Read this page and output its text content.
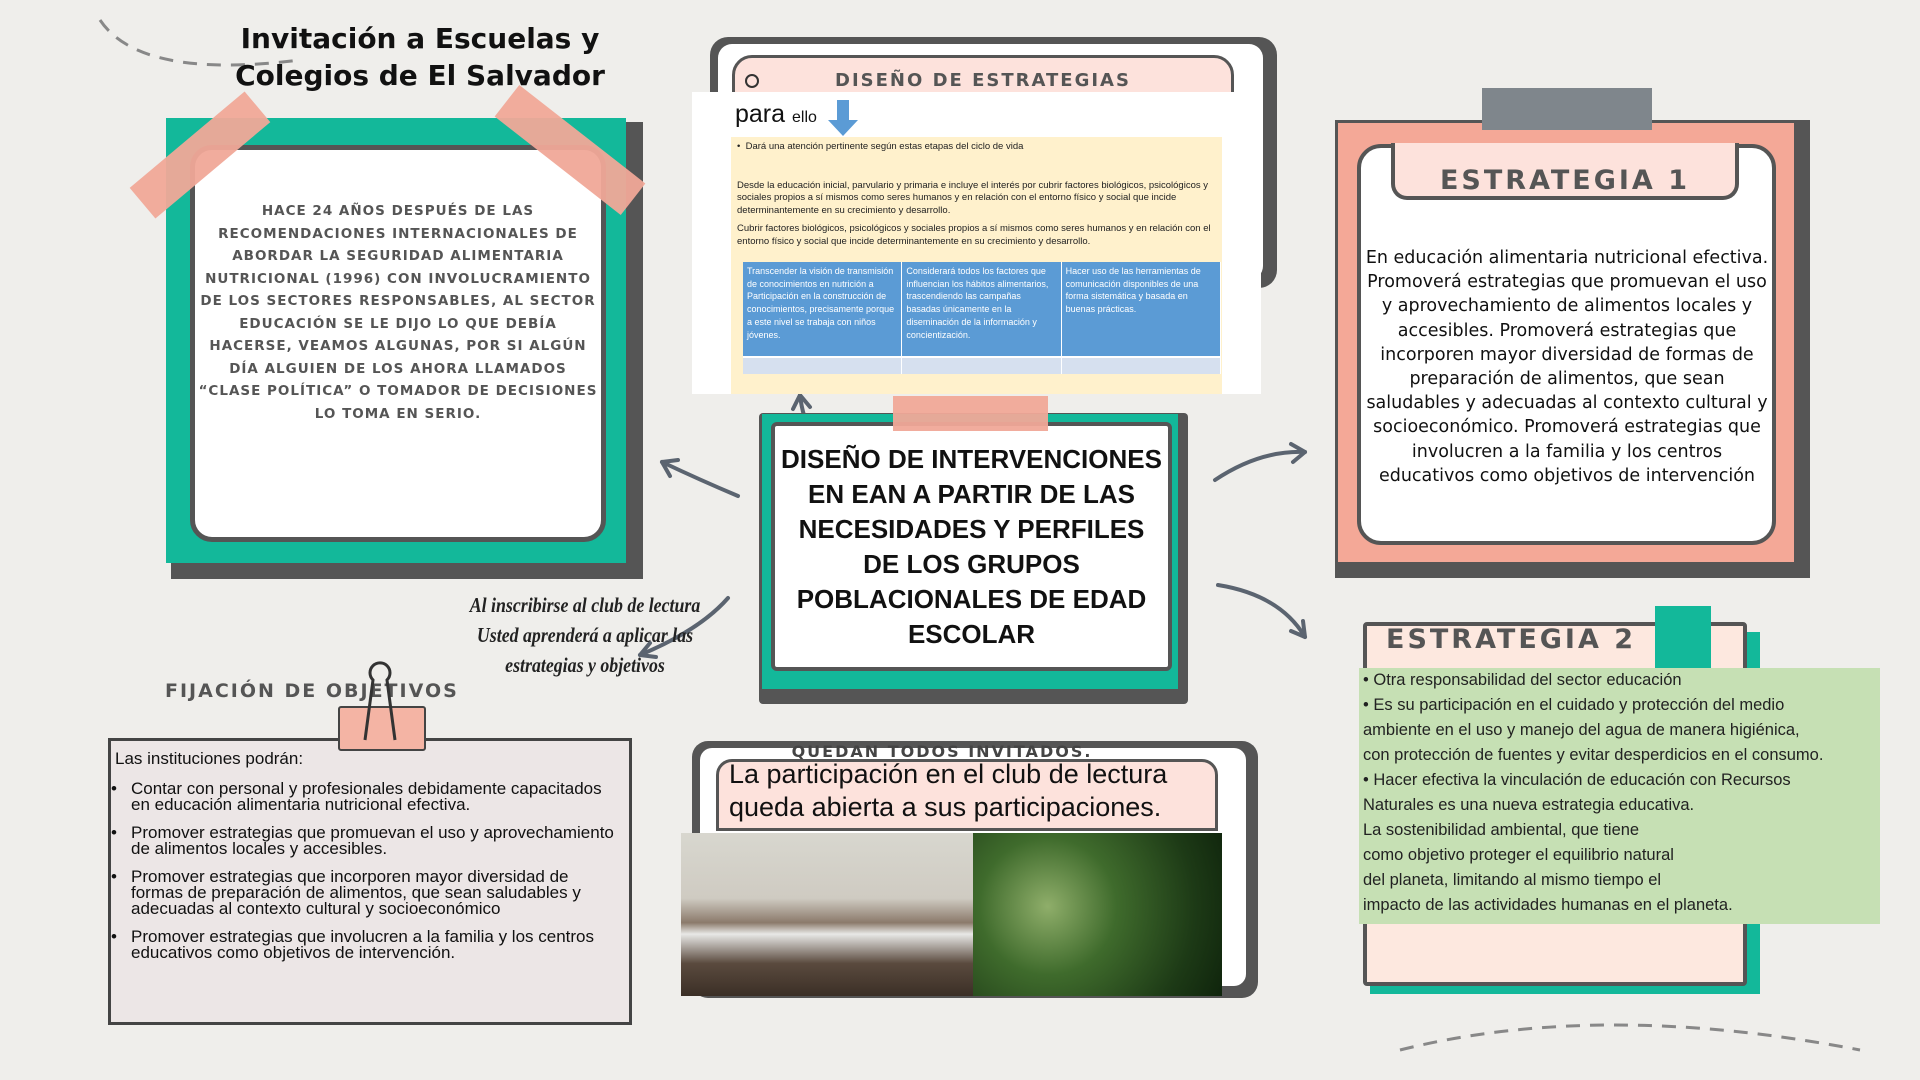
Invitación a Escuelas y Colegios de El Salvador
HACE 24 AÑOS DESPUÉS DE LAS RECOMENDACIONES INTERNACIONALES DE ABORDAR LA SEGURIDAD ALIMENTARIA NUTRICIONAL (1996) CON INVOLUCRAMIENTO DE LOS SECTORES RESPONSABLES, AL SECTOR EDUCACIÓN SE LE DIJO LO QUE DEBÍA HACERSE, VEAMOS ALGUNAS, POR SI ALGÚN DÍA ALGUIEN DE LOS AHORA LLAMADOS “CLASE POLÍTICA” O TOMADOR DE DECISIONES LO TOMA EN SERIO.
DISEÑO DE ESTRATEGIAS
para ello
•  Dará una atención pertinente según estas etapas del ciclo de vida
Desde la educación inicial, parvulario y primaria e incluye el interés por cubrir factores biológicos, psicológicos y sociales propios a sí mismos como seres humanos y en relación con el entorno físico y social que incide determinantemente en su crecimiento y desarrollo.
Cubrir factores biológicos, psicológicos y sociales propios a sí mismos como seres humanos y en relación con el entorno físico y social que incide determinantemente en su crecimiento y desarrollo.
Transcender la visión de transmisión de conocimientos en nutrición a Participación en la construcción de conocimientos, precisamente porque a este nivel se trabaja con niños jóvenes.
Considerará todos los factores que influencian los hábitos alimentarios, trascendiendo las campañas basadas únicamente en la diseminación de la información y concientización.
Hacer uso de las herramientas de comunicación disponibles de una forma sistemática y basada en buenas prácticas.
DISEÑO DE INTERVENCIONES EN EAN A PARTIR DE LAS NECESIDADES Y PERFILES DE LOS GRUPOS POBLACIONALES DE EDAD ESCOLAR
ESTRATEGIA 1
En educación alimentaria nutricional efectiva. Promoverá estrategias que promuevan el uso y aprovechamiento de alimentos locales y accesibles. Promoverá estrategias que incorporen mayor diversidad de formas de preparación de alimentos, que sean saludables y adecuadas al contexto cultural y socioeconómico. Promoverá estrategias que involucren a la familia y los centros educativos como objetivos de intervención
ESTRATEGIA 2
• Otra responsabilidad del sector educación
• Es su participación en el cuidado y protección del medio
ambiente en el uso y manejo del agua de manera higiénica,
con protección de fuentes y evitar desperdicios en el consumo.
• Hacer efectiva la vinculación de educación con Recursos
Naturales es una nueva estrategia educativa.
La sostenibilidad ambiental, que tiene
como objetivo proteger el equilibrio natural
del planeta, limitando al mismo tiempo el
impacto de las actividades humanas en el planeta.
Al inscribirse al club de lectura
Usted aprenderá a aplicar las
estrategias y objetivos
FIJACIÓN DE OBJETIVOS
Las instituciones podrán:
• Contar con personal y profesionales debidamente capacitados en educación alimentaria nutricional efectiva.
• Promover estrategias que promuevan el uso y aprovechamiento de alimentos locales y accesibles.
• Promover estrategias que incorporen mayor diversidad de formas de preparación de alimentos, que sean saludables y adecuadas al contexto cultural y socioeconómico
• Promover estrategias que involucren a la familia y los centros educativos como objetivos de intervención.
QUEDAN TODOS INVITADOS.
La participación en el club de lectura
queda abierta a sus participaciones.
